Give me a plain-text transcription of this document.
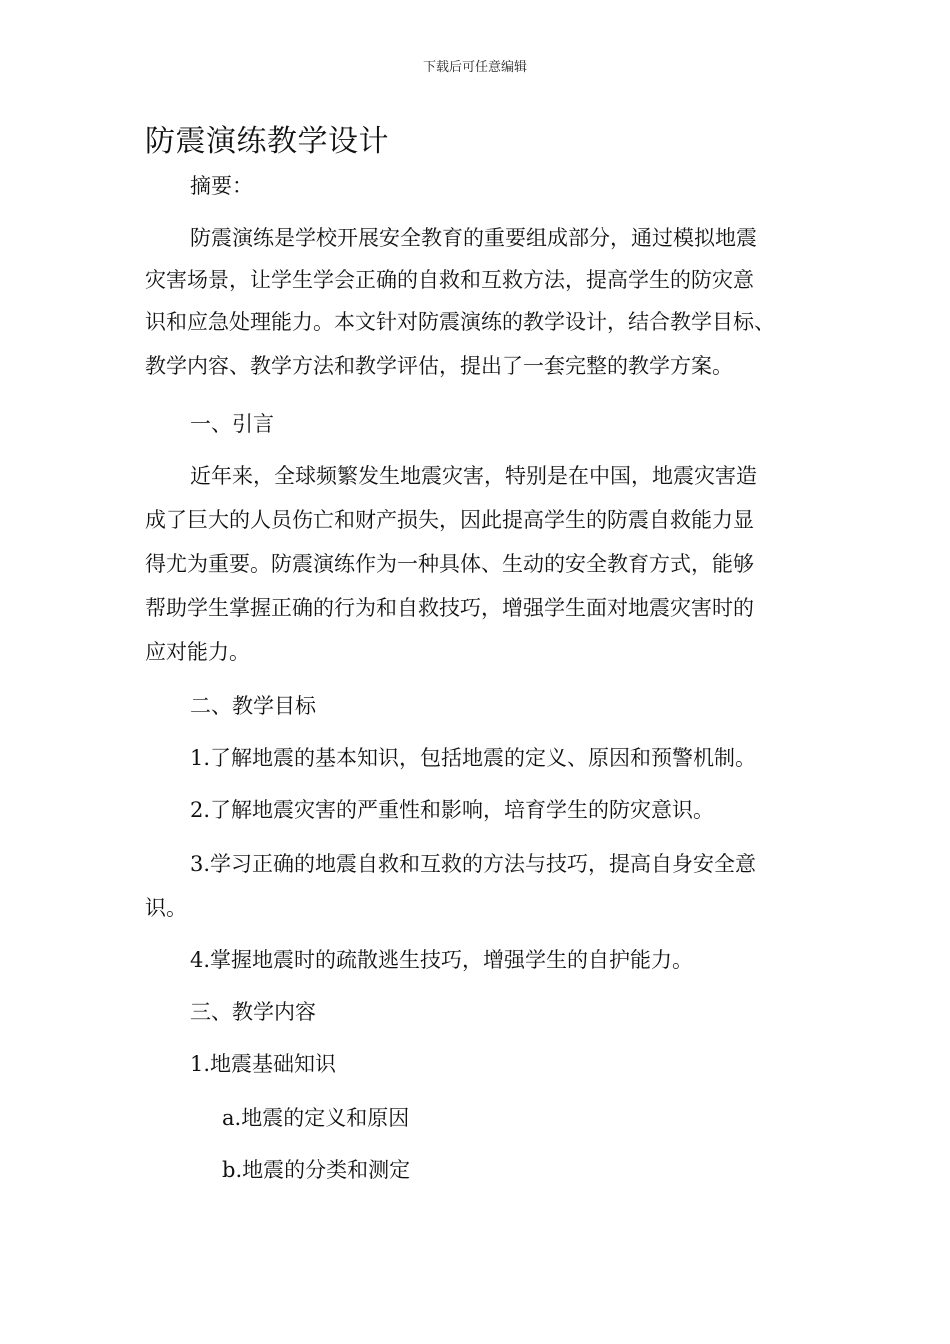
下载后可任意编辑
防震演练教学设计
摘要：
防震演练是学校开展安全教育的重要组成部分，通过模拟地震
灾害场景，让学生学会正确的自救和互救方法，提高学生的防灾意
识和应急处理能力。本文针对防震演练的教学设计，结合教学目标、
教学内容、教学方法和教学评估，提出了一套完整的教学方案。
一、引言
近年来，全球频繁发生地震灾害，特别是在中国，地震灾害造
成了巨大的人员伤亡和财产损失，因此提高学生的防震自救能力显
得尤为重要。防震演练作为一种具体、生动的安全教育方式，能够
帮助学生掌握正确的行为和自救技巧，增强学生面对地震灾害时的
应对能力。
二、教学目标
1.了解地震的基本知识，包括地震的定义、原因和预警机制。
2.了解地震灾害的严重性和影响，培育学生的防灾意识。
3.学习正确的地震自救和互救的方法与技巧，提高自身安全意
识。
4.掌握地震时的疏散逃生技巧，增强学生的自护能力。
三、教学内容
1.地震基础知识
a.地震的定义和原因
b.地震的分类和测定
